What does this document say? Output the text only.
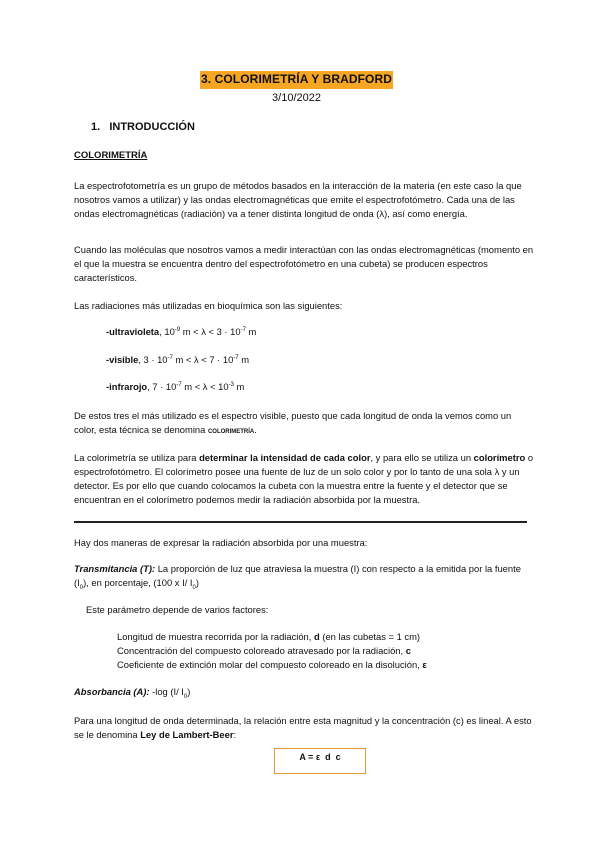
3. COLORIMETRÍA Y BRADFORD
3/10/2022
1.   INTRODUCCIÓN
COLORIMETRÍA
La espectrofotometría es un grupo de métodos basados en la interacción de la materia (en este caso la que nosotros vamos a utilizar) y las ondas electromagnéticas que emite el espectrofotómetro. Cada una de las ondas electromagnéticas (radiación) va a tener distinta longitud de onda (λ), así como energía.
Cuando las moléculas que nosotros vamos a medir interactúan con las ondas electromagnéticas (momento en el que la muestra se encuentra dentro del espectrofotómetro en una cubeta) se producen espectros característicos.
Las radiaciones más utilizadas en bioquímica son las siguientes:
-ultravioleta, $10^{-9}$ $m < \lambda < 3 \cdot 10^{-7}$ m
-visible, $3 \cdot 10^{-7}$ $m < \lambda < 7 \cdot 10^{-7}$ m
-infrarojo, $7 \cdot 10^{-7}$ $m < \lambda < 10^{-3}$ m
De estos tres el más utilizado es el espectro visible, puesto que cada longitud de onda la vemos como un color, esta técnica se denomina colorimetría.
La colorimetría se utiliza para determinar la intensidad de cada color, y para ello se utiliza un colorímetro o espectrofotómetro. El colorímetro posee una fuente de luz de un solo color y por lo tanto de una sola λ y un detector. Es por ello que cuando colocamos la cubeta con la muestra entre la fuente y el detector que se encuentran en el colorímetro podemos medir la radiación absorbida por la muestra.
Hay dos maneras de expresar la radiación absorbida por una muestra:
Transmitancia (T): La proporción de luz que atraviesa la muestra (I) con respecto a la emitida por la fuente $(I_0)$, en porcentaje, (100 x I/ $I_0$)
Este parámetro depende de varios factores:
Longitud de muestra recorrida por la radiación, d (en las cubetas = 1 cm)
Concentración del compuesto coloreado atravesado por la radiación, c
Coeficiente de extinción molar del compuesto coloreado en la disolución, ε
Absorbancia (A): -log (I/ $I_0$)
Para una longitud de onda determinada, la relación entre esta magnitud y la concentración (c) es lineal. A esto se le denomina Ley de Lambert-Beer:
A = ε  d  c
